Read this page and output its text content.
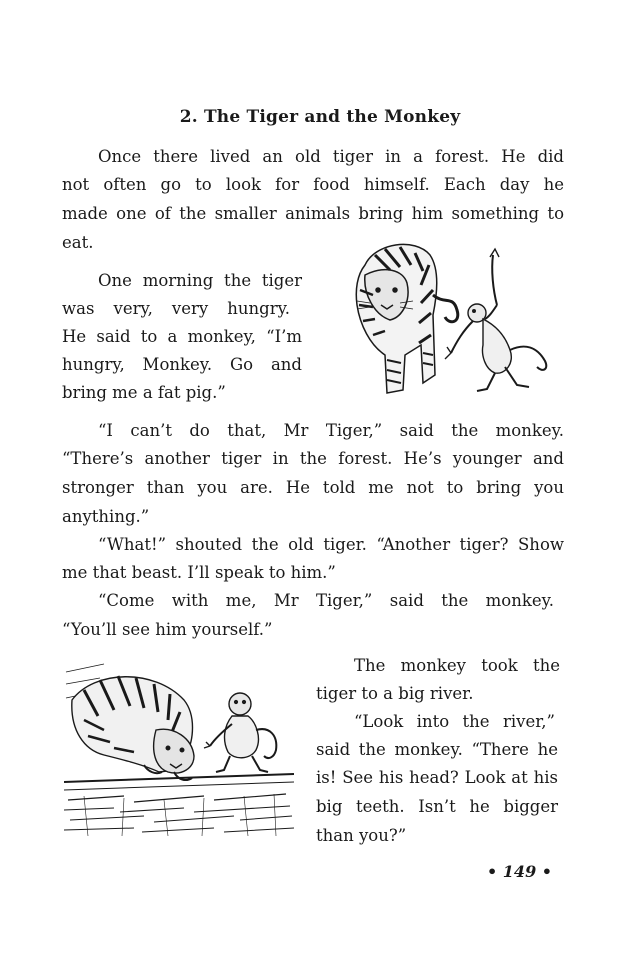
2. The Tiger and the Monkey
Once there lived an old tiger in a forest. He did
not often go to look for food himself. Each day he
made one of the smaller animals bring him something to
eat.
One morning the tiger
was very, very hungry.
He said to a monkey, “I’m
hungry, Monkey. Go and
bring me a fat pig.”
“I can’t do that, Mr Tiger,” said the monkey.
“There’s another tiger in the forest. He’s younger and
stronger than you are. He told me not to bring you
anything.”
“What!” shouted the old tiger. “Another tiger? Show
me that beast. I’ll speak to him.”
“Come with me, Mr Tiger,” said the monkey.
“You’ll see him yourself.”
The monkey took the
tiger to a big river.
“Look into the river,”
said the monkey. “There he
is! See his head? Look at his
big teeth. Isn’t he bigger
than you?”
• 149 •
